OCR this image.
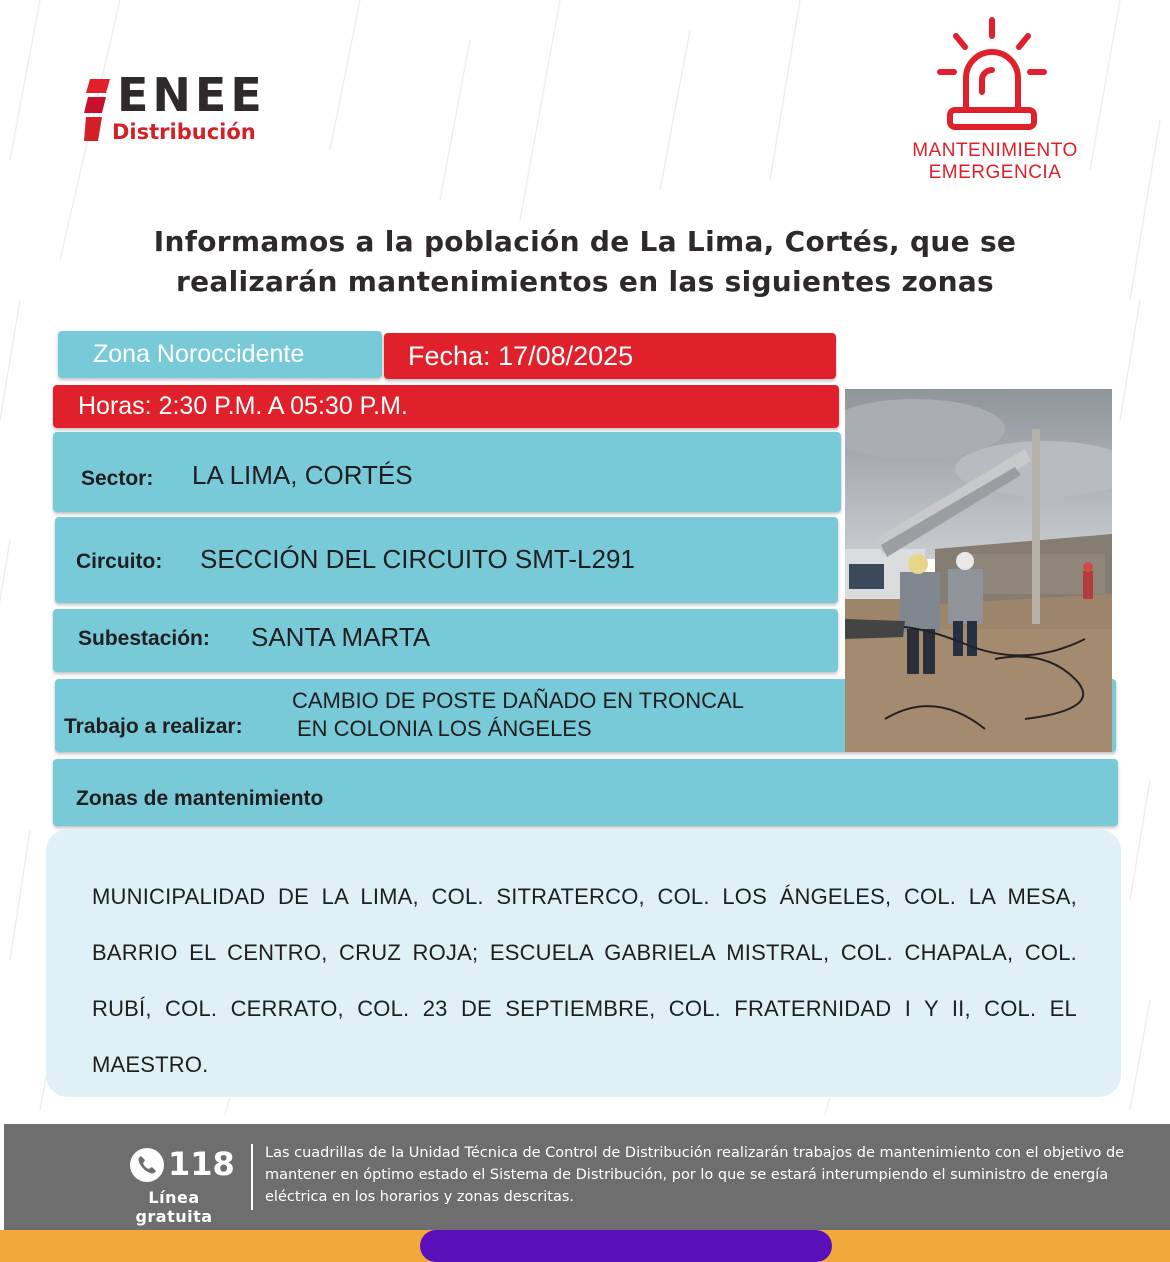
ENEE
Distribución
MANTENIMIENTO
EMERGENCIA
Informamos a la población de La Lima, Cortés, que se
realizarán mantenimientos en las siguientes zonas
Zona Noroccidente	Fecha: 17/08/2025
Horas: 2:30 P.M. A 05:30 P.M.
Sector: LA LIMA, CORTÉS
Circuito: SECCIÓN DEL CIRCUITO SMT-L291
Subestación: SANTA MARTA
Trabajo a realizar:
CAMBIO DE POSTE DAÑADO EN TRONCAL
EN COLONIA LOS ÁNGELES
Zonas de mantenimiento
MUNICIPALIDAD DE LA LIMA, COL. SITRATERCO, COL. LOS ÁNGELES, COL. LA MESA, BARRIO EL CENTRO, CRUZ ROJA; ESCUELA GABRIELA MISTRAL, COL. CHAPALA, COL. RUBÍ, COL. CERRATO, COL. 23 DE SEPTIEMBRE, COL. FRATERNIDAD I Y II, COL. EL MAESTRO.
118
Línea gratuita
Las cuadrillas de la Unidad Técnica de Control de Distribución realizarán trabajos de mantenimiento con el objetivo de mantener en óptimo estado el Sistema de Distribución, por lo que se estará interumpiendo el suministro de energía eléctrica en los horarios y zonas descritas.
